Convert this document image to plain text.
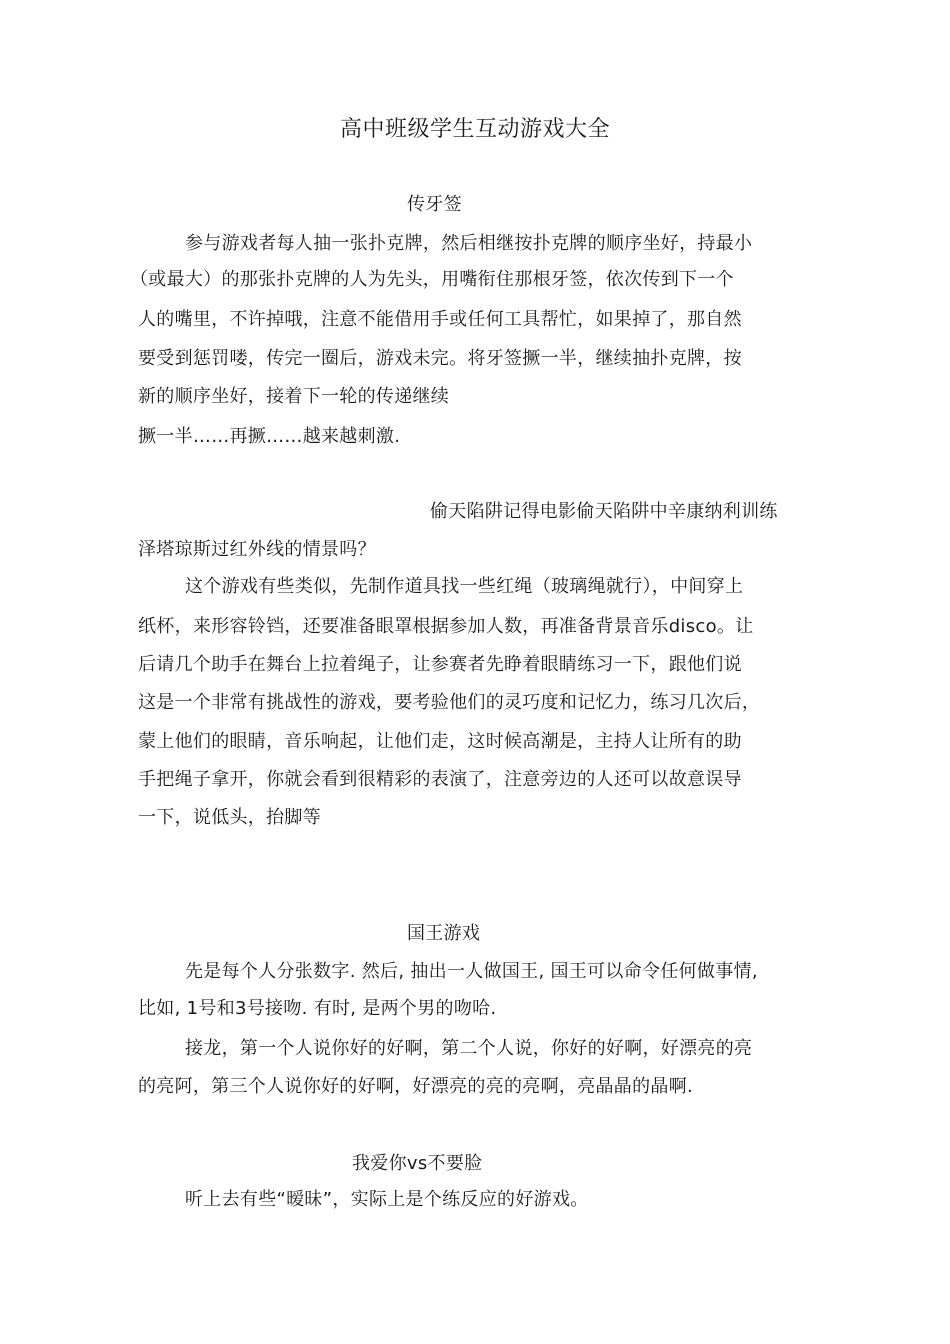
高中班级学生互动游戏大全
传牙签
参与游戏者每人抽一张扑克牌，然后相继按扑克牌的顺序坐好，持最小
（或最大）的那张扑克牌的人为先头，用嘴衔住那根牙签，依次传到下一个
人的嘴里，不许掉哦，注意不能借用手或任何工具帮忙，如果掉了，那自然
要受到惩罚喽，传完一圈后，游戏未完。将牙签撅一半，继续抽扑克牌，按
新的顺序坐好，接着下一轮的传递继续
撅一半……再撅……越来越刺激.
偷天陷阱记得电影偷天陷阱中辛康纳利训练
泽塔琼斯过红外线的情景吗？
这个游戏有些类似，先制作道具找一些红绳（玻璃绳就行），中间穿上
纸杯，来形容铃铛，还要准备眼罩根据参加人数，再准备背景音乐disco。让
后请几个助手在舞台上拉着绳子，让参赛者先睁着眼睛练习一下，跟他们说
这是一个非常有挑战性的游戏，要考验他们的灵巧度和记忆力，练习几次后，
蒙上他们的眼睛，音乐响起，让他们走，这时候高潮是，主持人让所有的助
手把绳子拿开，你就会看到很精彩的表演了，注意旁边的人还可以故意误导
一下，说低头，抬脚等
国王游戏
先是每个人分张数字. 然后, 抽出一人做国王, 国王可以命令任何做事情,
比如, 1号和3号接吻. 有时, 是两个男的吻哈.
接龙，第一个人说你好的好啊，第二个人说，你好的好啊，好漂亮的亮
的亮阿，第三个人说你好的好啊，好漂亮的亮的亮啊，亮晶晶的晶啊.
我爱你vs不要脸
听上去有些“暧昧”，实际上是个练反应的好游戏。
